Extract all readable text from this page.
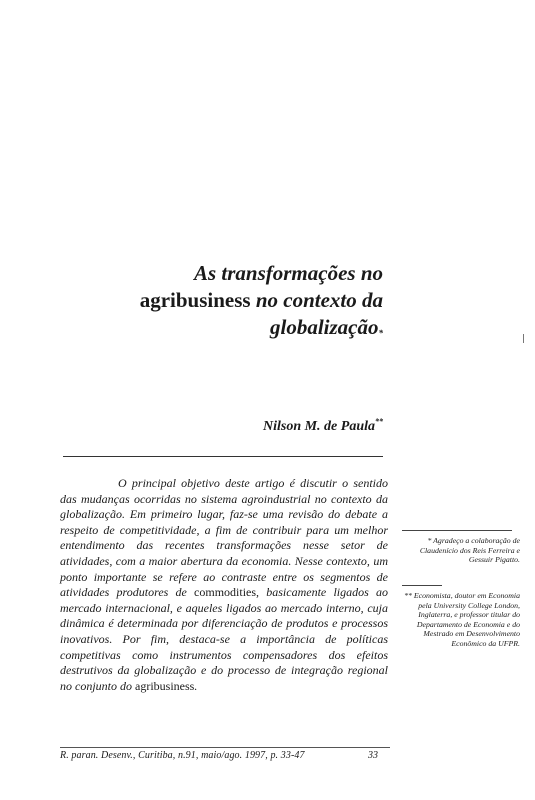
As transformações no
agribusiness no contexto da
globalização*
Nilson M. de Paula**
O principal objetivo deste artigo é discutir o sentido das mudanças ocorridas no sistema agroindustrial no contexto da globalização. Em primeiro lugar, faz-se uma revisão do debate a respeito de competitividade, a fim de contribuir para um melhor entendimento das recentes transformações nesse setor de atividades, com a maior abertura da economia. Nesse contexto, um ponto importante se refere ao contraste entre os segmentos de atividades produtores de commodities, basicamente ligados ao mercado internacional, e aqueles ligados ao mercado interno, cuja dinâmica é determinada por diferenciação de produtos e processos inovativos. Por fim, destaca-se a importância de políticas competitivas como instrumentos compensadores dos efeitos destrutivos da globalização e do processo de integração regional no conjunto do agribusiness.
* Agradeço a colaboração de Claudenício dos Reis Ferreira e Gessuir Pigatto.
** Economista, doutor em Economia pela University College London, Inglaterra, e professor titular do Departamento de Economia e do Mestrado em Desenvolvimento Econômico da UFPR.
R. paran. Desenv., Curitiba, n.91, maio/ago. 1997, p. 33-47	33
